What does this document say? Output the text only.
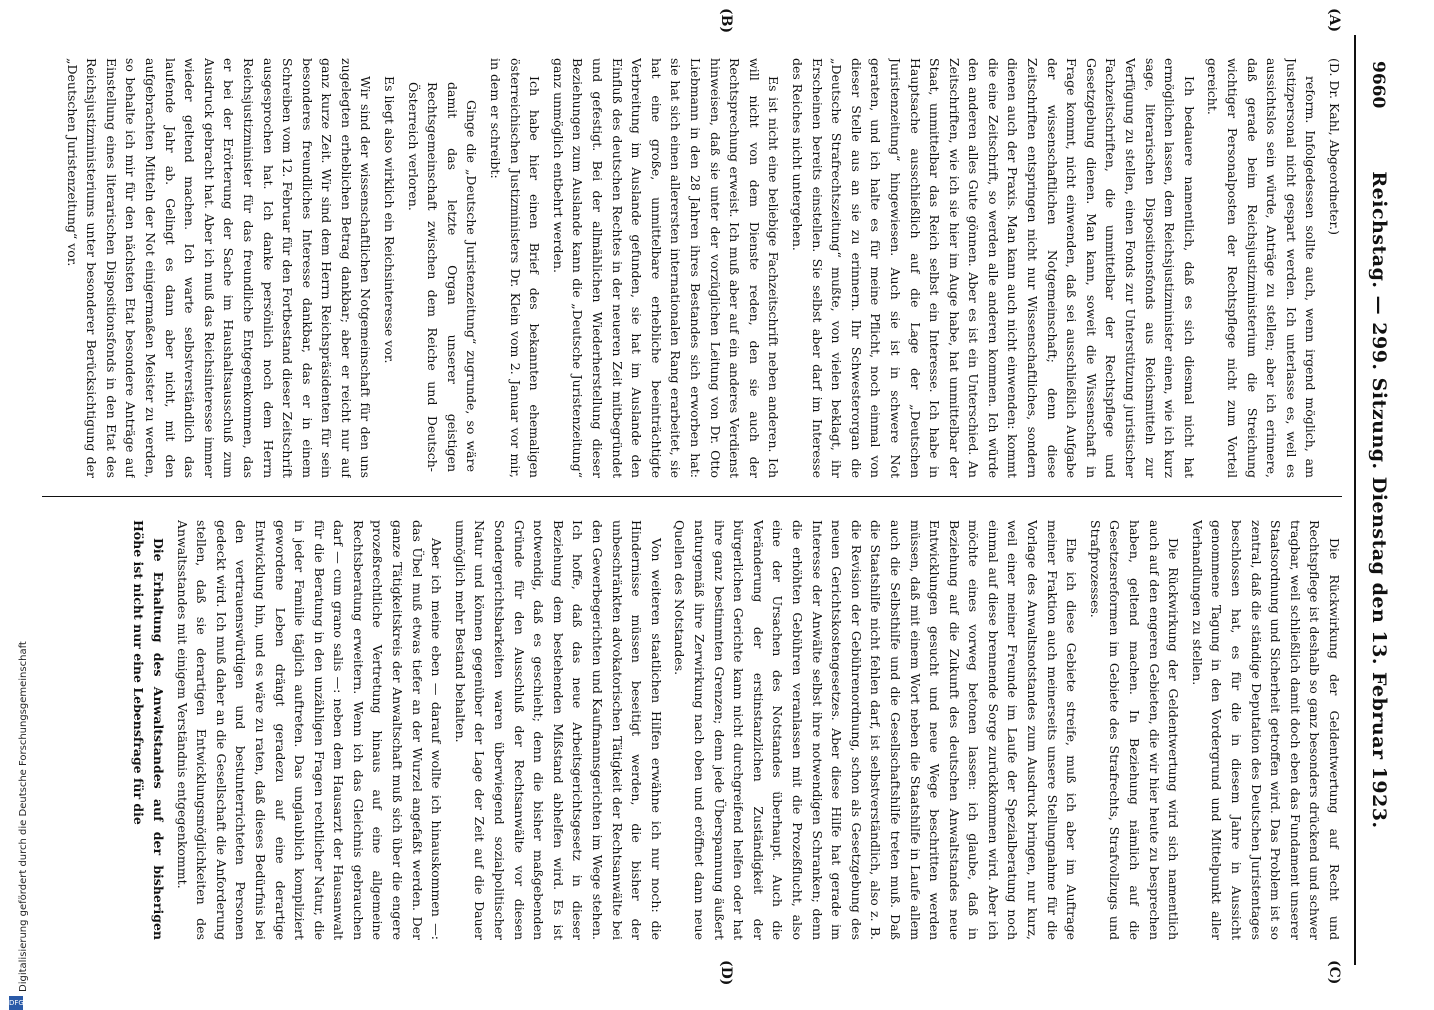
9660
Reichstag. — 299. Sitzung. Dienstag den 13. Februar 1923.
(A)
(B)
(C)
(D)

(D. Dr. Kahl, Abgeordneter.)

reform. Infolgedessen sollte auch, wenn irgend möglich, am Justizpersonal nicht gespart werden. Ich unterlasse es, weil es aussichtslos sein würde, Anträge zu stellen; aber ich erinnere, daß gerade beim Reichsjustizministerium die Streichung wichtiger Personalposten der Rechtspflege nicht zum Vorteil gereicht.

Ich bedauere namentlich, daß es sich diesmal nicht hat ermöglichen lassen, dem Reichsjustizminister einen, wie ich kurz sage, literarischen Dispositionsfonds aus Reichsmitteln zur Verfügung zu stellen, einen Fonds zur Unterstützung juristischer Fachzeitschriften, die unmittelbar der Rechtspflege und Gesetzgebung dienen. Man kann, soweit die Wissenschaft in Frage kommt, nicht einwenden, daß sei ausschließlich Aufgabe der wissenschaftlichen Notgemeinschaft; denn diese Zeitschriften entspringen nicht nur Wissenschaftliches, sondern dienen auch der Praxis. Man kann auch nicht einwenden: kommt die eine Zeitschrift, so werden alle anderen kommen. Ich würde den anderen alles Gute gönnen. Aber es ist ein Unterschied. An Zeitschriften, wie ich sie hier im Auge habe, hat unmittelbar der Staat, unmittelbar das Reich selbst ein Interesse. Ich habe in Hauptsache ausschließlich auf die Lage der „Deutschen Juristenzeitung“ hingewiesen. Auch sie ist in schwere Not geraten, und ich halte es für meine Pflicht, noch einmal von dieser Stelle aus an sie zu erinnern. Ihr Schwesterorgan die „Deutsche Strafrechtszeitung“ mußte, von vielen beklagt, ihr Erscheinen bereits einstellen. Sie selbst aber darf im Interesse des Reiches nicht untergehen.

Es ist nicht eine beliebige Fachzeitschrift neben anderen. Ich will nicht von dem Dienste reden, den sie auch der Rechtsprechung erweist. Ich muß aber auf ein anderes Verdienst hinweisen, daß sie unter der vorzüglichen Leitung von Dr. Otto Liebmann in den 28 Jahren ihres Bestandes sich erworben hat: sie hat sich einen allerersten internationalen Rang erarbeitet, sie hat eine große, unmittelbare erhebliche beeinträchtigte Verbreitung im Auslande gefunden, sie hat im Auslande den Einfluß des deutschen Rechtes in der neueren Zeit mitbegründet und gefestigt. Bei der allmählichen Wiederherstellung dieser Beziehungen zum Auslande kann die „Deutsche Juristenzeitung“ ganz unmöglich entbehrt werden.

Ich habe hier einen Brief des bekannten ehemaligen österreichischen Justizministers Dr. Klein vom 2. Januar vor mir, in dem er schreibt:

Ginge die „Deutsche Juristenzeitung“ zugrunde, so wäre damit das letzte Organ unserer geistigen Rechtsgemeinschaft zwischen dem Reiche und Deutsch-Österreich verloren.

Es liegt also wirklich ein Reichsinteresse vor.

Wir sind der wissenschaftlichen Notgemeinschaft für den uns zugelegten erheblichen Betrag dankbar; aber er reicht nur auf ganz kurze Zeit. Wir sind dem Herrn Reichspräsidenten für sein besonderes freundliches Interesse dankbar, das er in einem Schreiben vom 12. Februar für den Fortbestand dieser Zeitschrift ausgesprochen hat. Ich danke persönlich noch dem Herrn Reichsjustizminister für das freundliche Entgegenkommen, das er bei der Erörterung der Sache im Haushaltsausschuß zum Ausdruck gebracht hat. Aber ich muß das Reichsinteresse immer wieder geltend machen. Ich warte selbstverständlich das laufende Jahr ab. Gelingt es dann aber nicht, mit den aufgebrachten Mitteln der Not einigermaßen Meister zu werden, so behalte ich mir für den nächsten Etat besondere Anträge auf Einstellung eines literarischen Dispositionsfonds in den Etat des Reichsjustizministeriums unter besonderer Berücksichtigung der „Deutschen Juristenzeitung“ vor.

Die Rückwirkung der Geldentwertung auf Recht und Rechtspflege ist deshalb so ganz besonders drückend und schwer tragbar, weil schließlich damit doch eben das Fundament unserer Staatsordnung und Sicherheit getroffen wird. Das Problem ist so zentral, daß die ständige Deputation des Deutschen Juristentages beschlossen hat, es für die in diesem Jahre in Aussicht genommene Tagung in den Vordergrund und Mittelpunkt aller Verhandlungen zu stellen.

Die Rückwirkung der Geldentwertung wird sich namentlich auch auf den engeren Gebieten, die wir hier heute zu besprechen haben, geltend machen. In Beziehung nämlich auf die Gesetzesreformen im Gebiete des Strafrechts, Strafvollzugs und Strafprozesses.

Ehe ich diese Gebiete streife, muß ich aber im Auftrage meiner Fraktion auch meinerseits unsere Stellungnahme für die Vorlage des Anwaltsnotstandes zum Ausdruck bringen, nur kurz, weil einer meiner Freunde im Laufe der Spezialberatung noch einmal auf diese brennende Sorge zurückkommen wird. Aber ich möchte eines vorweg betonen lassen: ich glaube, daß in Beziehung auf die Zukunft des deutschen Anwaltstandes neue Entwicklungen gesucht und neue Wege beschritten werden müssen, daß mit einem Wort neben die Staatshilfe in Laufe allem auch die Selbsthilfe und die Gesellschaftshilfe treten muß. Daß die Staatshilfe nicht fehlen darf, ist selbstverständlich, also z. B. die Revision der Gebührenordnung, schon als Gesetzgebung des neuen Gerichtskostengesetzes. Aber diese Hilfe hat gerade im Interesse der Anwälte selbst ihre notwendigen Schranken; denn die erhöhten Gebühren veranlassen mit die Prozeßflucht, also eine der Ursachen des Notstandes überhaupt. Auch die Veränderung der erstinstanzlichen Zuständigkeit der bürgerlichen Gerichte kann nicht durchgreifend helfen oder hat ihre ganz bestimmten Grenzen; denn jede Überspannung äußert naturgemäß ihre Zerwirkung nach oben und eröffnet dann neue Quellen des Notstandes.

Von weiteren staatlichen Hilfen erwähne ich nur noch: die Hindernisse müssen beseitigt werden, die bisher der unbeschränkten advokatorischen Tätigkeit der Rechtsanwälte bei den Gewerbegerichten und Kaufmannsgerichten im Wege stehen. Ich hoffe, daß das neue Arbeitsgerichtsgesetz in dieser Beziehung dem bestehenden Mißstand abhelfen wird. Es ist notwendig, daß es geschieht; denn die bisher maßgebenden Gründe für den Ausschluß der Rechtsanwälte vor diesen Sondergerichtsbarkeiten waren überwiegend sozialpolitischer Natur und können gegenüber der Lage der Zeit auf die Dauer unmöglich mehr Bestand behalten.

Aber ich meine eben — darauf wollte ich hinauskommen —: das Übel muß etwas tiefer an der Wurzel angefaßt werden. Der ganze Tätigkeitskreis der Anwaltschaft muß sich über die engere prozeßrechtliche Vertretung hinaus auf eine allgemeine Rechtsberatung erweitern. Wenn ich das Gleichnis gebrauchen darf — cum grano salis —: neben dem Hausarzt der Hausanwalt für die Beratung in den unzähligen Fragen rechtlicher Natur, die in jeder Familie täglich auftreten. Das unglaublich kompliziert gewordene Leben drängt geradezu auf eine derartige Entwicklung hin, und es wäre zu raten, daß dieses Bedürfnis bei den vertrauenswürdigen und bestunterrichteten Personen gedeckt wird. Ich muß daher an die Gesellschaft die Anforderung stellen, daß sie derartigen Entwicklungsmöglichkeiten des Anwaltsstandes mit einigem Verständnis entgegenkommt.

Die Erhaltung des Anwaltstandes auf der bisherigen Höhe ist nicht nur eine Lebensfrage für die

Digitalisierung gefördert durch die Deutsche Forschungsgemeinschaft
DFG
